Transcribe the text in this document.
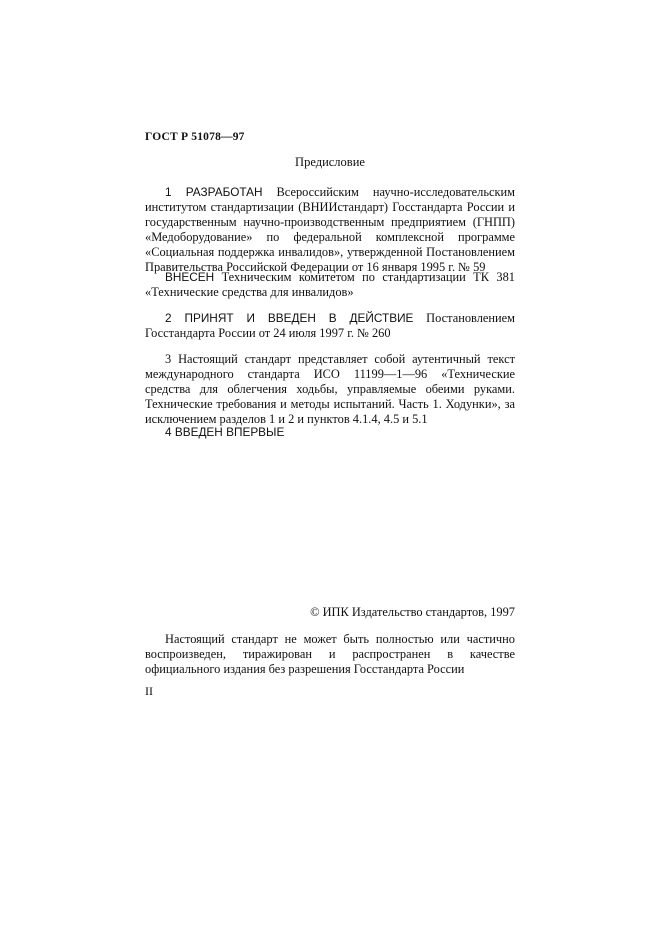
ГОСТ Р 51078—97
Предисловие

1 РАЗРАБОТАН Всероссийским научно-исследовательским институтом стандартизации (ВНИИстандарт) Госстандарта России и государственным научно-производственным предприятием (ГНПП) «Медоборудование» по федеральной комплексной программе «Социальная поддержка инвалидов», утвержденной Постановлением Правительства Российской Федерации от 16 января 1995 г. № 59

ВНЕСЕН Техническим комитетом по стандартизации ТК 381 «Технические средства для инвалидов»

2 ПРИНЯТ И ВВЕДЕН В ДЕЙСТВИЕ Постановлением Госстандарта России от 24 июля 1997 г. № 260

3 Настоящий стандарт представляет собой аутентичный текст международного стандарта ИСО 11199—1—96 «Технические средства для облегчения ходьбы, управляемые обеими руками. Технические требования и методы испытаний. Часть 1. Ходунки», за исключением разделов 1 и 2 и пунктов 4.1.4, 4.5 и 5.1

4 ВВЕДЕН ВПЕРВЫЕ

© ИПК Издательство стандартов, 1997

Настоящий стандарт не может быть полностью или частично воспроизведен, тиражирован и распространен в качестве официального издания без разрешения Госстандарта России

II
